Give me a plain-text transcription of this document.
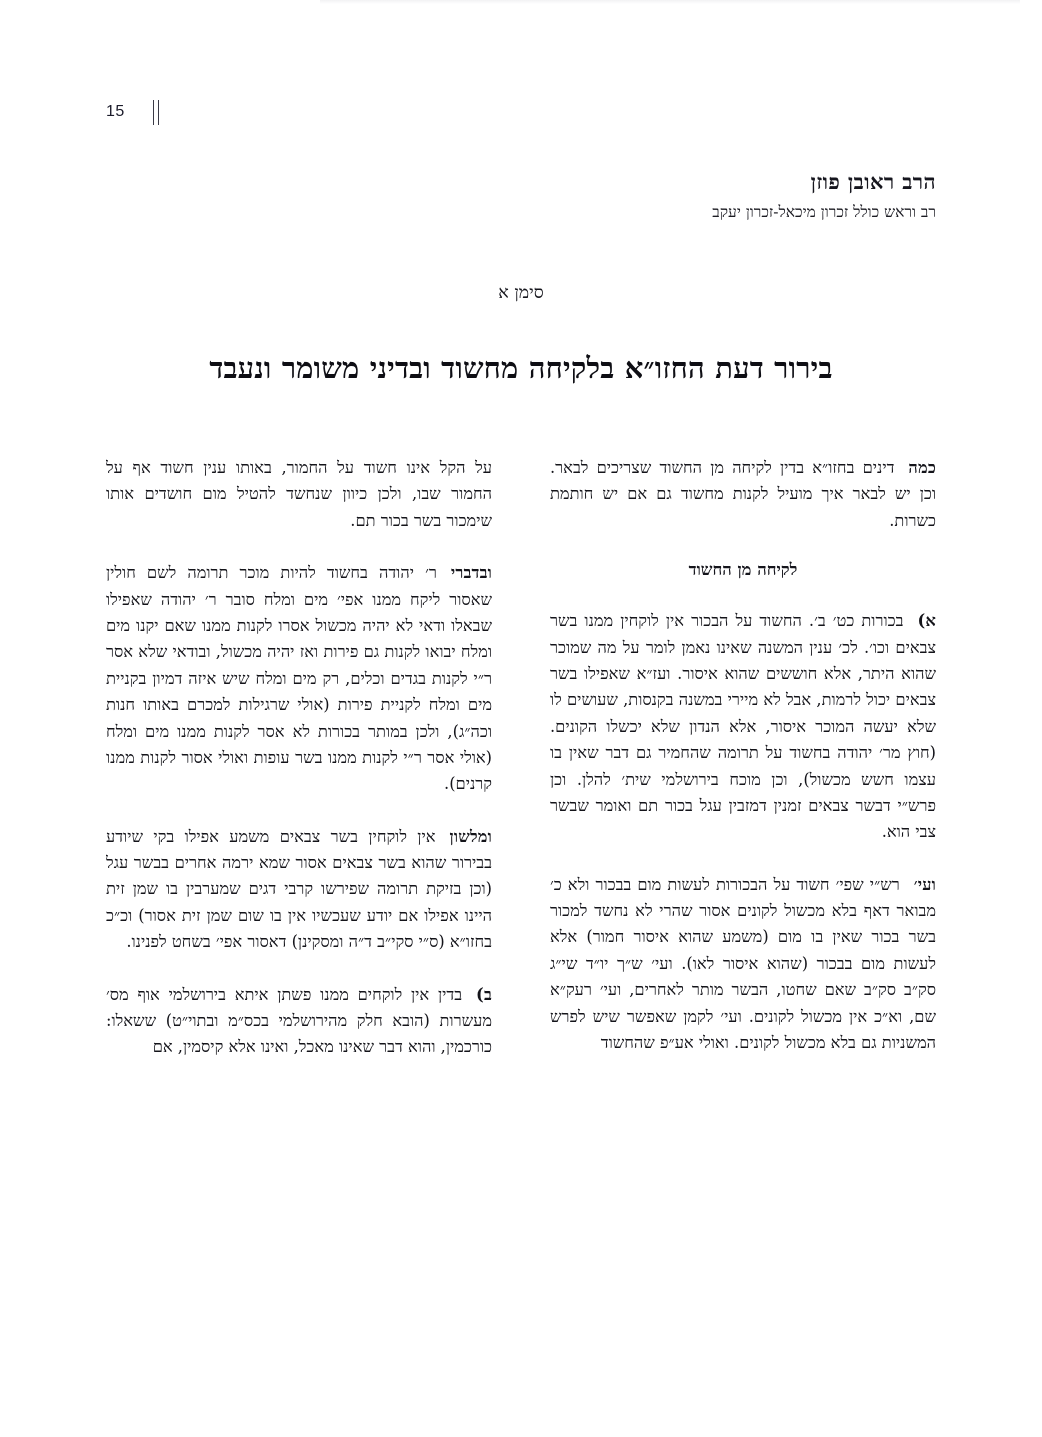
15
הרב ראובן פוזן
רב וראש כולל זכרון מיכאל-זכרון יעקב
סימן א
בירור דעת החזו״א בלקיחה מחשוד ובדיני משומר ונעבד

כמהדינים בחזו״א בדין לקיחה מן החשוד שצריכים לבאר. וכן יש לבאר איך מועיל לקנות מחשוד גם אם יש חותמת כשרות.

לקיחה מן החשוד

א)בכורות כט׳ ב׳. החשוד על הבכור אין לוקחין ממנו בשר צבאים וכו׳. לכ׳ ענין המשנה שאינו נאמן לומר על מה שמוכר שהוא היתר, אלא חוששים שהוא איסור. ועז״א שאפילו בשר צבאים יכול לרמות, אבל לא מיירי במשנה בקנסות, שעושים לו שלא יעשה המוכר איסור, אלא הנדון שלא יכשלו הקונים. (חוץ מר׳ יהודה בחשוד על תרומה שהחמיר גם דבר שאין בו עצמו חשש מכשול), וכן מוכח בירושלמי שית׳ להלן. וכן פרש״י דבשר צבאים זמנין דמזבין עגל בכור תם ואומר שבשר צבי הוא.

ועי׳רש״י שפי׳ חשוד על הבכורות לעשות מום בבכור ולא כ׳ מבואר דאף בלא מכשול לקונים אסור שהרי לא נחשד למכור בשר בכור שאין בו מום (משמע שהוא איסור חמור) אלא לעשות מום בבכור (שהוא איסור לאו). ועי׳ ש״ך יו״ד שי״ג סק״ב סק״ב שאם שחטו, הבשר מותר לאחרים, ועי׳ רעק״א שם, וא״כ אין מכשול לקונים. ועי׳ לקמן שאפשר שיש לפרש המשניות גם בלא מכשול לקונים. ואולי אע״פ שהחשוד

על הקל אינו חשוד על החמור, באותו ענין חשוד אף על החמור שבו, ולכן כיוון שנחשד להטיל מום חושדים אותו שימכור בשר בכור תם.

ובדבריר׳ יהודה בחשוד להיות מוכר תרומה לשם חולין שאסור ליקח ממנו אפי׳ מים ומלח סובר ר׳ יהודה שאפילו שבאלו ודאי לא יהיה מכשול אסרו לקנות ממנו שאם יקנו מים ומלח יבואו לקנות גם פירות ואז יהיה מכשול, ובודאי שלא אסר ר״י לקנות בגדים וכלים, רק מים ומלח שיש איזה דמיון בקניית מים ומלח לקניית פירות (אולי שרגילות למכרם באותו חנות וכה״ג), ולכן במותר בכורות לא אסר לקנות ממנו מים ומלח (אולי אסר ר״י לקנות ממנו בשר עופות ואולי אסור לקנות ממנו קרנים).

ומלשוןאין לוקחין בשר צבאים משמע אפילו בקי שיודע בבירור שהוא בשר צבאים אסור שמא ירמה אחרים בבשר עגל (וכן בזיקת תרומה שפירשו קרבי דגים שמערבין בו שמן זית היינו אפילו אם יודע שעכשיו אין בו שום שמן זית אסור) וכ״כ בחזו״א (ס״י סקי״ב ד״ה ומסקינן) דאסור אפי׳ בשחט לפנינו.

ב)בדין אין לוקחים ממנו פשתן איתא בירושלמי אוף מס׳ מעשרות (הובא חלק מהירושלמי בכס״מ ובתוי״ט) ששאלו: כורכמין, והוא דבר שאינו מאכל, ואינו אלא קיסמין, אם
